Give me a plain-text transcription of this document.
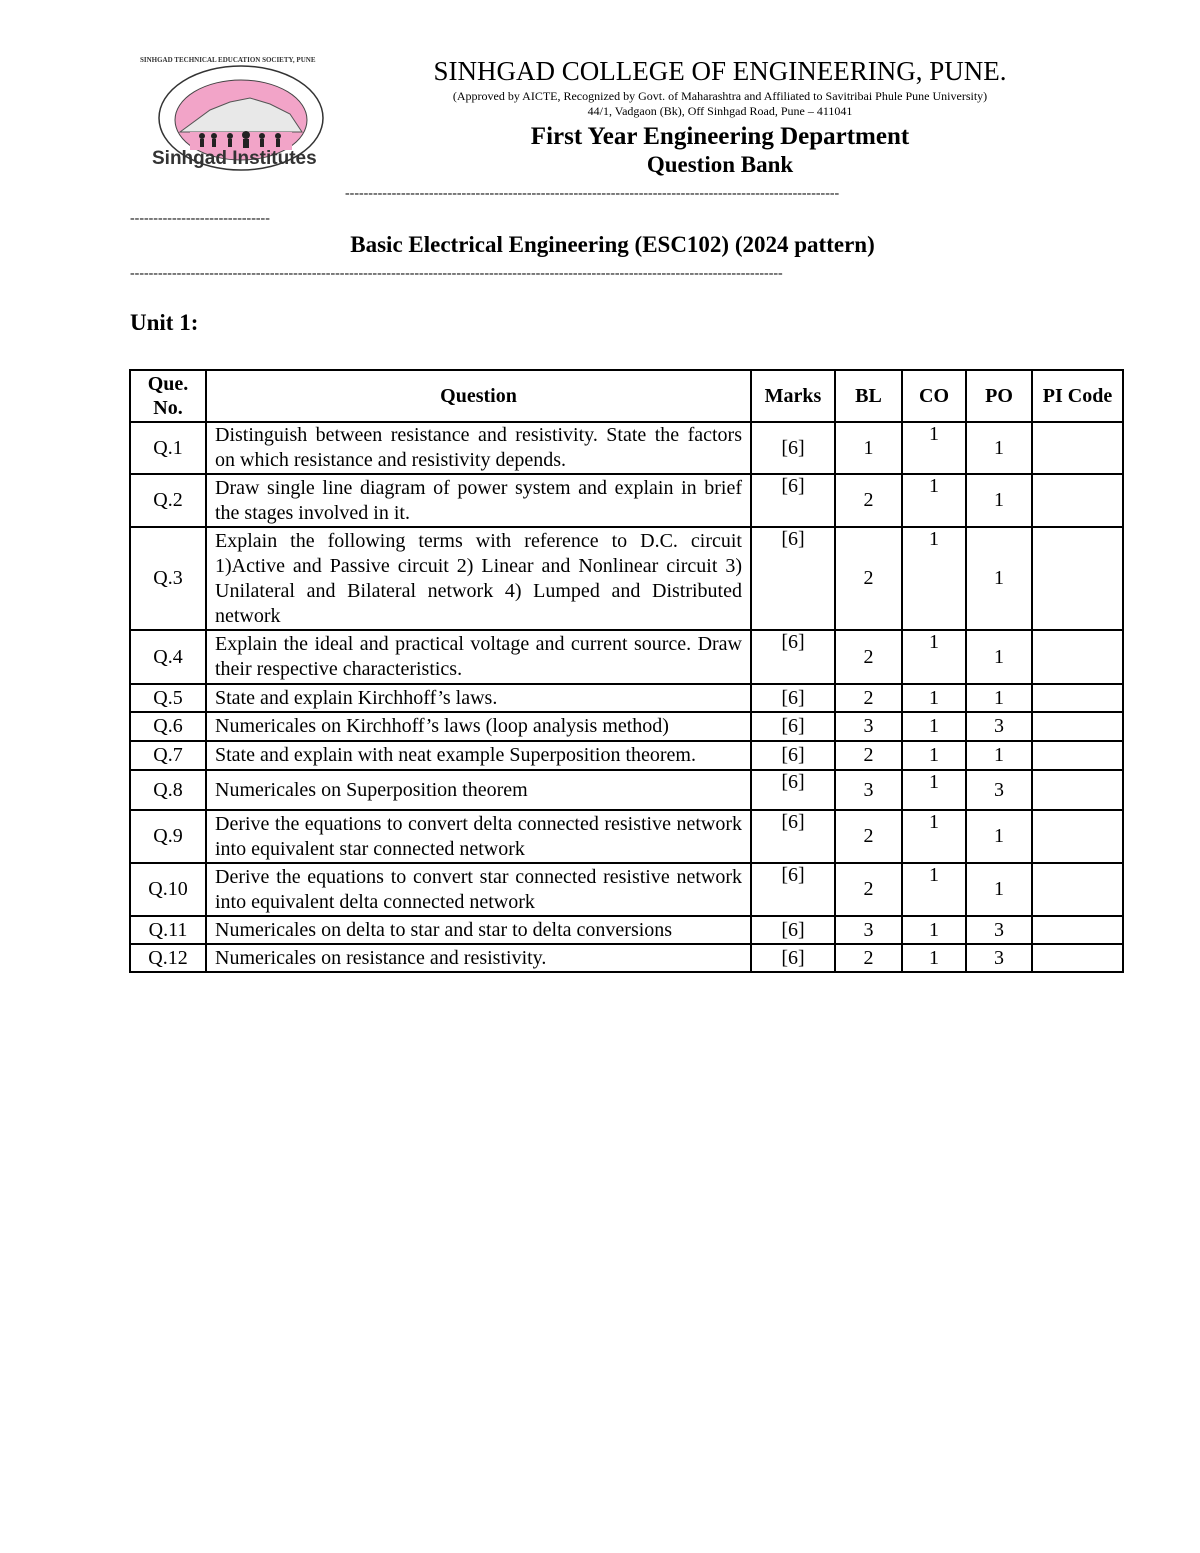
SINHGAD TECHNICAL EDUCATION SOCIETY, PUNE
Sinhgad Institutes
SINHGAD COLLEGE OF ENGINEERING, PUNE.
(Approved by AICTE, Recognized by Govt. of Maharashtra and Affiliated to Savitribai Phule Pune University)
44/1, Vadgaon (Bk), Off Sinhgad Road, Pune – 411041
First Year Engineering Department
Question Bank
----------------------------------------------------------------------------------------------------------
------------------------------
Basic Electrical Engineering (ESC102) (2024 pattern)
--------------------------------------------------------------------------------------------------------------------------------------------
Unit 1:
Que. No.	Question	Marks	BL	CO	PO	PI Code
Q.1	Distinguish between resistance and resistivity. State the factors on which resistance and resistivity depends.	[6]	1	1	1	
Q.2	Draw single line diagram of power system and explain in brief the stages involved in it.	[6]	2	1	1	
Q.3	Explain the following terms with reference to D.C. circuit 1)Active and Passive circuit 2) Linear and Nonlinear circuit 3) Unilateral and Bilateral network 4) Lumped and Distributed network	[6]	2	1	1	
Q.4	Explain the ideal and practical voltage and current source. Draw their respective characteristics.	[6]	2	1	1	
Q.5	State and explain Kirchhoff’s laws.	[6]	2	1	1	
Q.6	Numericales on Kirchhoff’s laws (loop analysis method)	[6]	3	1	3	
Q.7	State and explain with neat example Superposition theorem.	[6]	2	1	1	
Q.8	Numericales on Superposition theorem	[6]	3	1	3	
Q.9	Derive the equations to convert delta connected resistive network into equivalent star connected network	[6]	2	1	1	
Q.10	Derive the equations to convert star connected resistive network into equivalent delta connected network	[6]	2	1	1	
Q.11	Numericales on delta to star and star to delta conversions	[6]	3	1	3	
Q.12	Numericales on resistance and resistivity.	[6]	2	1	3	
